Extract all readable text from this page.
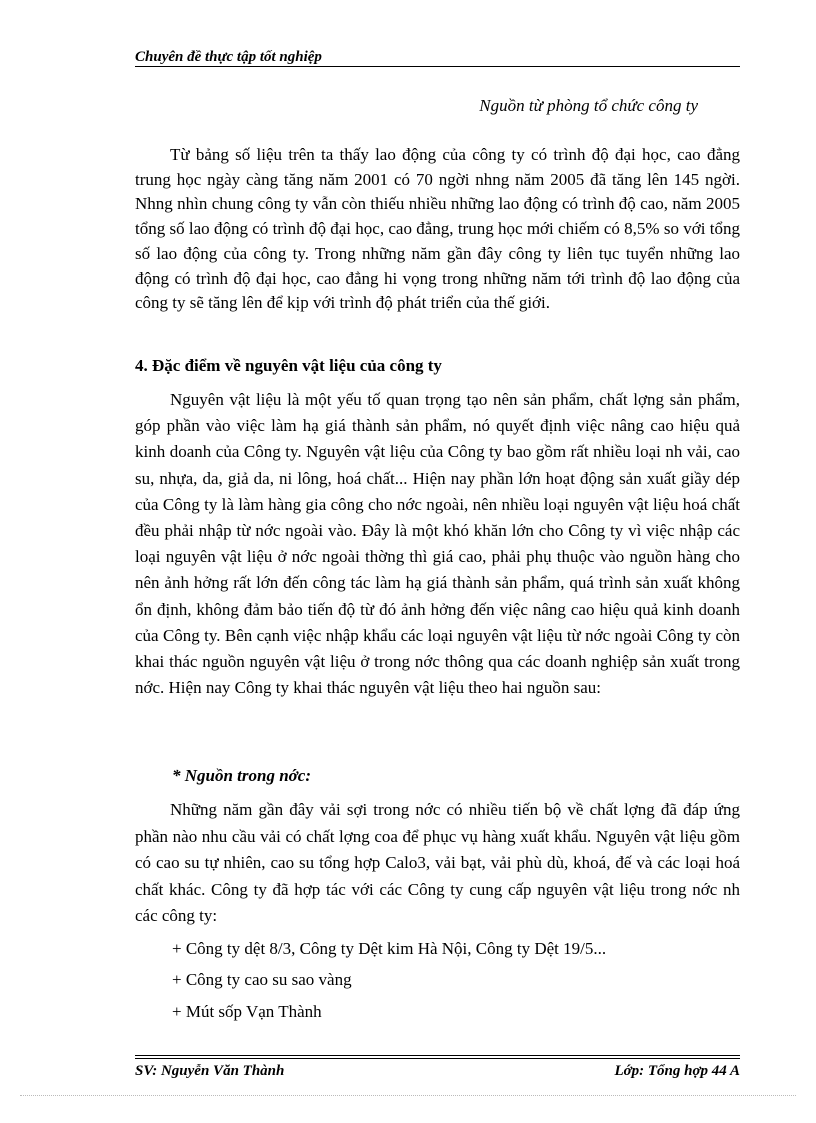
Chuyên đề thực tập tốt nghiệp
Nguồn từ phòng tổ chức công ty

Từ bảng số liệu trên ta thấy lao động của công ty có trình độ đại học, cao đẳng trung học ngày càng tăng năm 2001 có 70 ngời nhng năm 2005 đã tăng lên 145 ngời. Nhng nhìn chung công ty vẫn còn thiếu nhiều những lao động có trình độ cao, năm 2005 tổng số lao động có trình độ đại học, cao đẳng, trung học mới chiếm có 8,5% so với tổng số lao động của công ty. Trong những năm gần đây công ty liên tục tuyển những lao động có trình độ đại học, cao đẳng hi vọng trong những năm tới trình độ lao động của công ty sẽ tăng lên để kịp với trình độ phát triển của thế giới.

4. Đặc điểm về nguyên vật liệu của công ty

Nguyên vật liệu là một yếu tố quan trọng tạo nên sản phẩm, chất lợng sản phẩm, góp phần vào việc làm hạ giá thành sản phẩm, nó quyết định việc nâng cao hiệu quả kinh doanh của Công ty. Nguyên vật liệu của Công ty bao gồm rất nhiều loại nh vải, cao su, nhựa, da, giả da, ni lông, hoá chất... Hiện nay phần lớn hoạt động sản xuất giầy dép của Công ty là làm hàng gia công cho nớc ngoài, nên nhiều loại nguyên vật liệu hoá chất đều phải nhập từ nớc ngoài vào. Đây là một khó khăn lớn cho Công ty vì việc nhập các loại nguyên vật liệu ở nớc ngoài thờng thì giá cao, phải phụ thuộc vào nguồn hàng cho nên ảnh hởng rất lớn đến công tác làm hạ giá thành sản phẩm, quá trình sản xuất không ổn định, không đảm bảo tiến độ từ đó ảnh hởng đến việc nâng cao hiệu quả kinh doanh của Công ty. Bên cạnh việc nhập khẩu các loại nguyên vật liệu từ nớc ngoài Công ty còn khai thác nguồn nguyên vật liệu ở trong nớc thông qua các doanh nghiệp sản xuất trong nớc. Hiện nay Công ty khai thác nguyên vật liệu theo hai nguồn sau:

* Nguồn trong nớc:

Những năm gần đây vải sợi trong nớc có nhiều tiến bộ về chất lợng đã đáp ứng phần nào nhu cầu vải có chất lợng coa để phục vụ hàng xuất khẩu. Nguyên vật liệu gồm có cao su tự nhiên, cao su tổng hợp Calo3, vải bạt, vải phù dù, khoá, đế và các loại hoá chất khác. Công ty đã hợp tác với các Công ty cung cấp nguyên vật liệu trong nớc nh các công ty:

+ Công ty dệt 8/3, Công ty Dệt kim Hà Nội, Công ty Dệt 19/5...
+ Công ty cao su sao vàng
+ Mút sốp Vạn Thành
SV: Nguyễn Văn Thành	Lớp: Tổng hợp 44 A
